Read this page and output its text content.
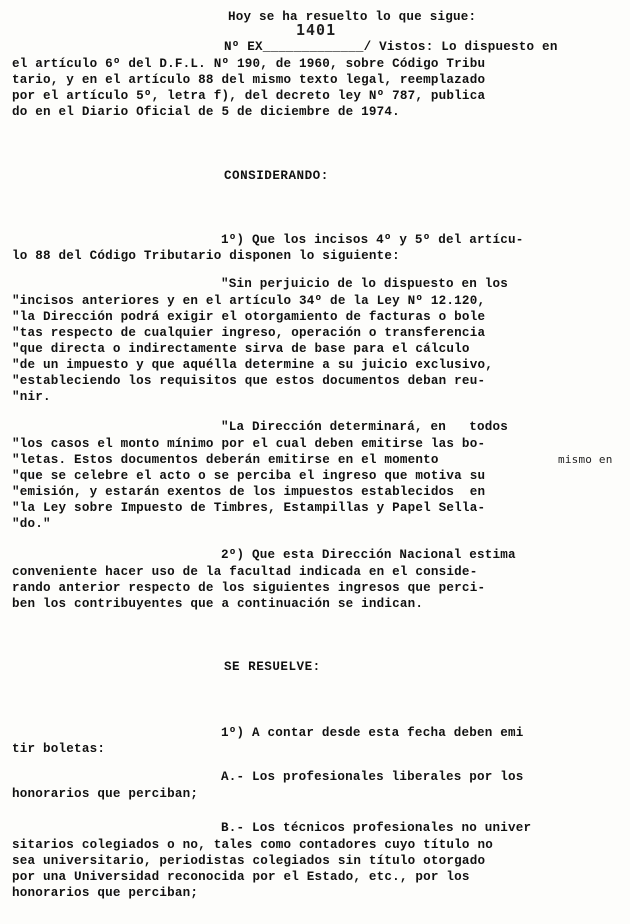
Hoy se ha resuelto lo que sigue:
1401
Nº EX_____________/ Vistos: Lo dispuesto en
el artículo 6º del D.F.L. Nº 190, de 1960, sobre Código Tribu
tario, y en el artículo 88 del mismo texto legal, reemplazado
por el artículo 5º, letra f), del decreto ley Nº 787, publica
do en el Diario Oficial de 5 de diciembre de 1974.
CONSIDERANDO:
1º) Que los incisos 4º y 5º del artícu-
lo 88 del Código Tributario disponen lo siguiente:
"Sin perjuicio de lo dispuesto en los
"incisos anteriores y en el artículo 34º de la Ley Nº 12.120,
"la Dirección podrá exigir el otorgamiento de facturas o bole
"tas respecto de cualquier ingreso, operación o transferencia
"que directa o indirectamente sirva de base para el cálculo
"de un impuesto y que aquélla determine a su juicio exclusivo,
"estableciendo los requisitos que estos documentos deban reu-
"nir.
"La Dirección determinará, en   todos
"los casos el monto mínimo por el cual deben emitirse las bo-
"letas. Estos documentos deberán emitirse en el momento
"que se celebre el acto o se perciba el ingreso que motiva su
"emisión, y estarán exentos de los impuestos establecidos  en
"la Ley sobre Impuesto de Timbres, Estampillas y Papel Sella-
"do."
mismo en
2º) Que esta Dirección Nacional estima
conveniente hacer uso de la facultad indicada en el conside-
rando anterior respecto de los siguientes ingresos que perci-
ben los contribuyentes que a continuación se indican.
SE RESUELVE:
1º) A contar desde esta fecha deben emi
tir boletas:
A.- Los profesionales liberales por los
honorarios que perciban;
B.- Los técnicos profesionales no univer
sitarios colegiados o no, tales como contadores cuyo título no
sea universitario, periodistas colegiados sin título otorgado
por una Universidad reconocida por el Estado, etc., por los
honorarios que perciban;
